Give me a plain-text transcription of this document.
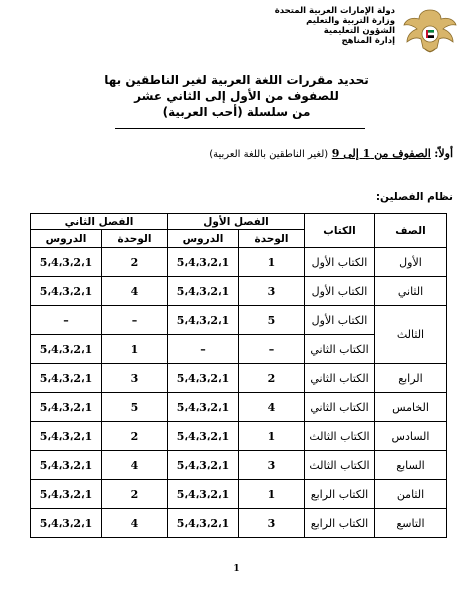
دولة الإمارات العربية المتحدة
وزارة التربية والتعليم
الشؤون التعليمية
إدارة المناهج
تحديد مقررات اللغة العربية لغير الناطقين بها
للصفوف من الأول إلى الثاني عشر
من سلسلة (أحب العربية)
أولاً: الصفوف من 1 إلى 9 (لغير الناطقين باللغة العربية)
نظام الفصلين:
الصف	الكتاب	الفصل الأول		الفصل الثاني	
		الوحدة	الدروس	الوحدة	الدروس
الأول	الكتاب الأول	1	5،4،3،2،1	2	5،4،3،2،1
الثاني	الكتاب الأول	3	5،4،3،2،1	4	5،4،3،2،1
الثالث	الكتاب الأول	5	5،4،3،2،1	–	–
	الكتاب الثاني	–	–	1	5،4،3،2،1
الرابع	الكتاب الثاني	2	5،4،3،2،1	3	5،4،3،2،1
الخامس	الكتاب الثاني	4	5،4،3،2،1	5	5،4،3،2،1
السادس	الكتاب الثالث	1	5،4،3،2،1	2	5،4،3،2،1
السابع	الكتاب الثالث	3	5،4،3،2،1	4	5،4،3،2،1
الثامن	الكتاب الرابع	1	5،4،3،2،1	2	5،4،3،2،1
التاسع	الكتاب الرابع	3	5،4،3،2،1	4	5،4،3،2،1
1
